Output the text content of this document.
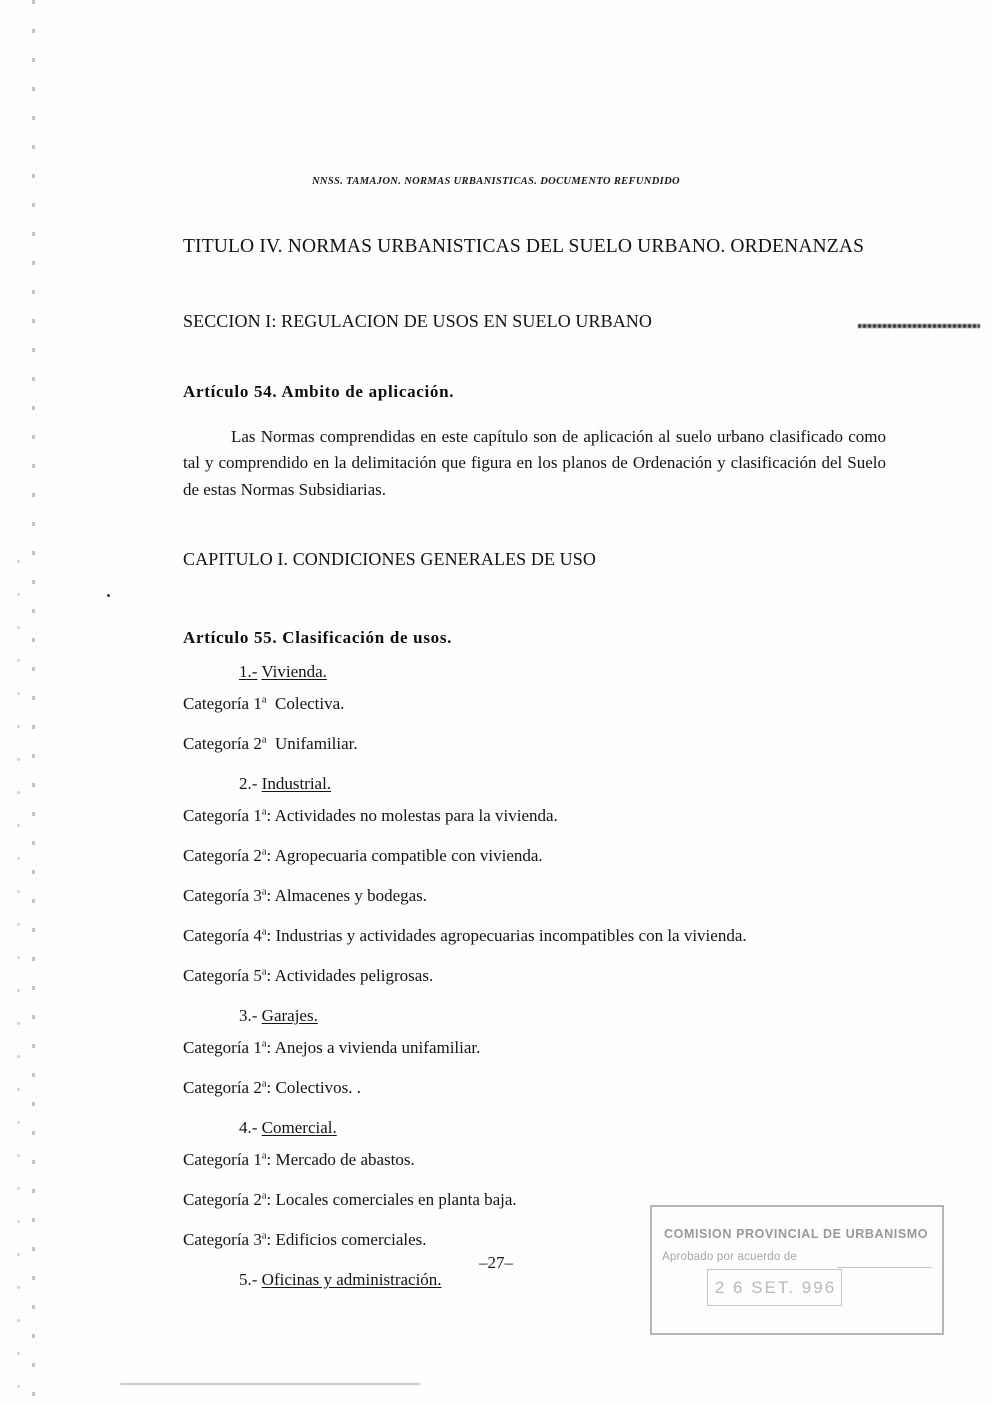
NNSS. TAMAJON. NORMAS URBANISTICAS. DOCUMENTO REFUNDIDO
TITULO IV. NORMAS URBANISTICAS DEL SUELO URBANO. ORDENANZAS
SECCION I: REGULACION DE USOS EN SUELO URBANO
Artículo 54. Ambito de aplicación.

Las Normas comprendidas en este capítulo son de aplicación al suelo urbano clasificado como tal y comprendido en la delimitación que figura en los planos de Ordenación y clasificación del Suelo de estas Normas Subsidiarias.

CAPITULO I. CONDICIONES GENERALES DE USO
Artículo 55. Clasificación de usos.
1.- Vivienda.
Categoría 1$^a$ Colectiva.
Categoría 2$^a$ Unifamiliar.
2.- Industrial.
Categoría 1$^a$: Actividades no molestas para la vivienda.
Categoría 2$^a$: Agropecuaria compatible con vivienda.
Categoría 3$^a$: Almacenes y bodegas.
Categoría 4$^a$: Industrias y actividades agropecuarias incompatibles con la vivienda.
Categoría 5$^a$: Actividades peligrosas.
3.- Garajes.
Categoría 1$^a$: Anejos a vivienda unifamiliar.
Categoría 2$^a$: Colectivos. .
4.- Comercial.
Categoría 1$^a$: Mercado de abastos.
Categoría 2$^a$: Locales comerciales en planta baja.
Categoría 3$^a$: Edificios comerciales.
5.- Oficinas y administración.
–27–
COMISION PROVINCIAL DE URBANISMO
Aprobado por acuerdo de
2 6 SET. 996
